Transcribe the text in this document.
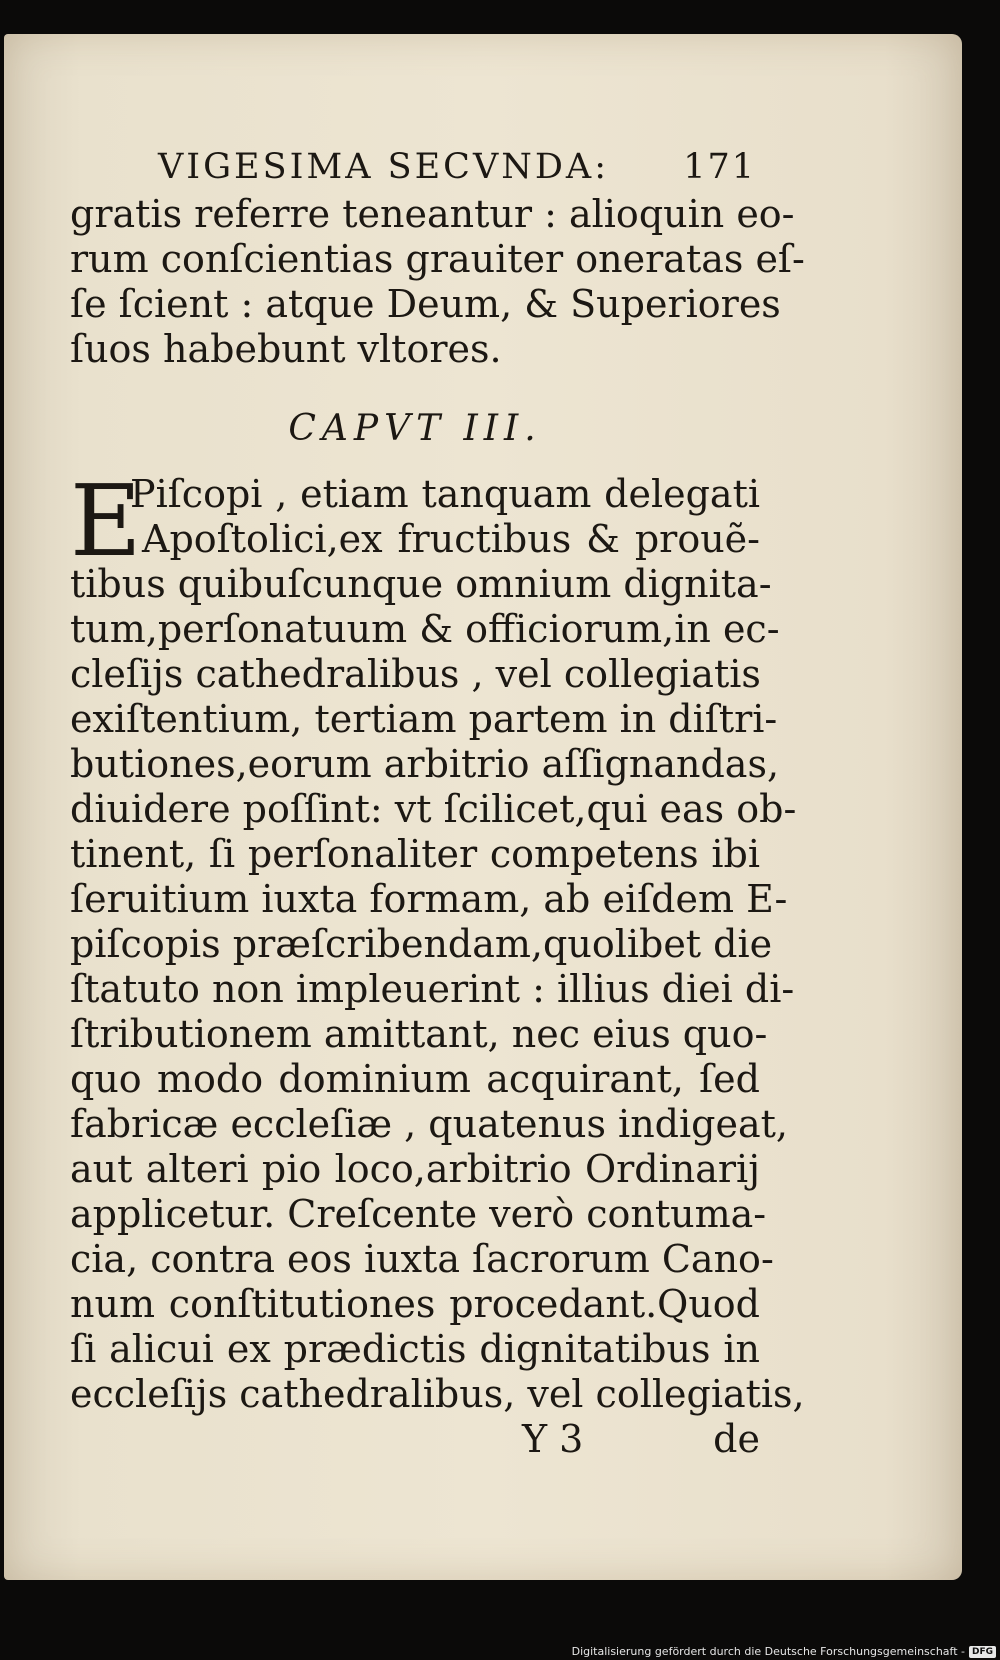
VIGESIMA SECVNDA: 171
gratis referre teneantur : alioquin eo-
rum conſcientias grauiter oneratas eſ-
ſe ſcient : atque Deum, & Superiores
ſuos habebunt vltores.
CAPVT III.
E
Piſcopi , etiam tanquam delegati
Apoſtolici,ex fructibus & prouẽ-
tibus quibuſcunque omnium dignita-
tum,perſonatuum & officiorum,in ec-
cleſijs cathedralibus , vel collegiatis
exiſtentium, tertiam partem in diſtri-
butiones,eorum arbitrio aſſignandas,
diuidere poſſint: vt ſcilicet,qui eas ob-
tinent, ſi perſonaliter competens ibi
ſeruitium iuxta formam, ab eiſdem E-
piſcopis præſcribendam,quolibet die
ſtatuto non impleuerint : illius diei di-
ſtributionem amittant, nec eius quo-
quo modo dominium acquirant, ſed
fabricæ eccleſiæ , quatenus indigeat,
aut alteri pio loco,arbitrio Ordinarij
applicetur. Creſcente verò contuma-
cia, contra eos iuxta ſacrorum Cano-
num conſtitutiones procedant.Quod
ſi alicui ex prædictis dignitatibus in
eccleſijs cathedralibus, vel collegiatis,
Y 3	de
Digitalisierung gefördert durch die Deutsche Forschungsgemeinschaft - DFG
